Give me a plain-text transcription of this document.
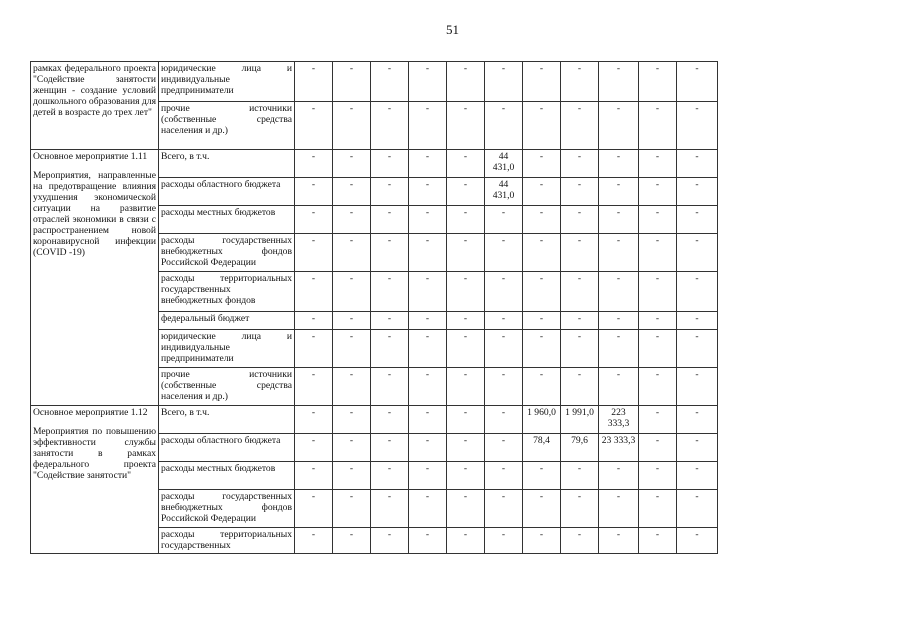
51
рамках федерального проекта "Содействие занятости женщин - создание условий дошкольного образования для детей в возрасте до трех лет"	юридические лица и индивидуальные предприниматели	-	-	-	-	-	-	-	-	-	-	-
	прочие источники (собственные средства населения и др.)	-	-	-	-	-	-	-	-	-	-	-

Основное мероприятие 1.11
Мероприятия, направленные на предотвращение влияния ухудшения экономической ситуации на развитие отраслей экономики в связи с распространением новой коронавирусной инфекции (COVID -19)	Всего, в т.ч.	-	-	-	-	-	44 431,0	-	-	-	-	-
	расходы областного бюджета	-	-	-	-	-	44 431,0	-	-	-	-	-
	расходы местных бюджетов	-	-	-	-	-	-	-	-	-	-	-
	расходы государственных внебюджетных фондов Российской Федерации	-	-	-	-	-	-	-	-	-	-	-
	расходы территориальных государственных внебюджетных фондов	-	-	-	-	-	-	-	-	-	-	-
	федеральный бюджет	-	-	-	-	-	-	-	-	-	-	-
	юридические лица и индивидуальные предприниматели	-	-	-	-	-	-	-	-	-	-	-
	прочие источники (собственные средства населения и др.)	-	-	-	-	-	-	-	-	-	-	-

Основное мероприятие 1.12
Мероприятия по повышению эффективности службы занятости в рамках федерального проекта "Содействие занятости"	Всего, в т.ч.	-	-	-	-	-	-	1 960,0	1 991,0	223 333,3	-	-
	расходы областного бюджета	-	-	-	-	-	-	78,4	79,6	23 333,3	-	-
	расходы местных бюджетов	-	-	-	-	-	-	-	-	-	-	-
	расходы государственных внебюджетных фондов Российской Федерации	-	-	-	-	-	-	-	-	-	-	-
	расходы территориальных государственных	-	-	-	-	-	-	-	-	-	-	-
